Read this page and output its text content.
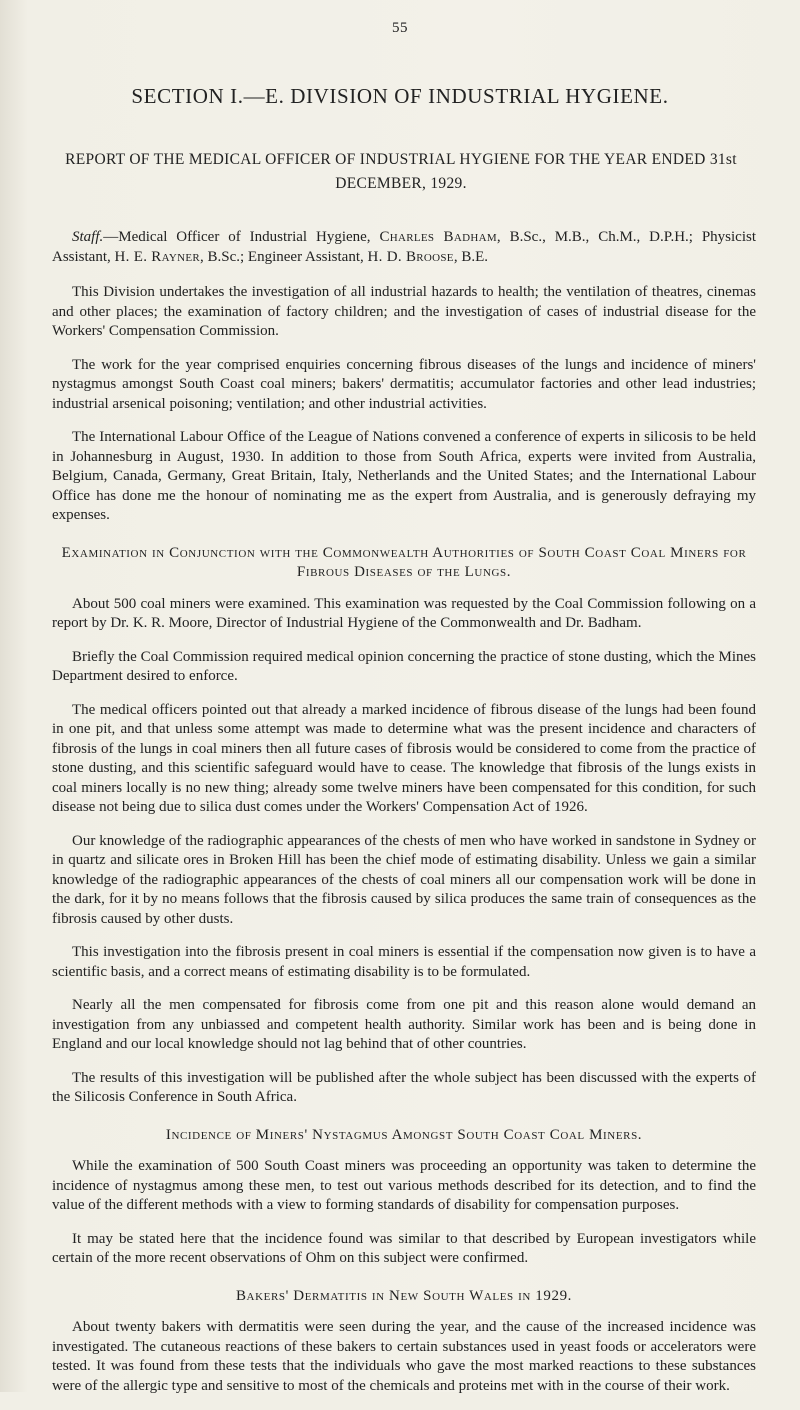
55
SECTION I.—E. DIVISION OF INDUSTRIAL HYGIENE.
REPORT OF THE MEDICAL OFFICER OF INDUSTRIAL HYGIENE FOR THE YEAR ENDED 31st DECEMBER, 1929.

Staff.—Medical Officer of Industrial Hygiene, Charles Badham, B.Sc., M.B., Ch.M., D.P.H.; Physicist Assistant, H. E. Rayner, B.Sc.; Engineer Assistant, H. D. Broose, B.E.

This Division undertakes the investigation of all industrial hazards to health; the ventilation of theatres, cinemas and other places; the examination of factory children; and the investigation of cases of industrial disease for the Workers' Compensation Commission.

The work for the year comprised enquiries concerning fibrous diseases of the lungs and incidence of miners' nystagmus amongst South Coast coal miners; bakers' dermatitis; accumulator factories and other lead industries; industrial arsenical poisoning; ventilation; and other industrial activities.

The International Labour Office of the League of Nations convened a conference of experts in silicosis to be held in Johannesburg in August, 1930. In addition to those from South Africa, experts were invited from Australia, Belgium, Canada, Germany, Great Britain, Italy, Netherlands and the United States; and the International Labour Office has done me the honour of nominating me as the expert from Australia, and is generously defraying my expenses.

Examination in Conjunction with the Commonwealth Authorities of South Coast Coal Miners for Fibrous Diseases of the Lungs.

About 500 coal miners were examined. This examination was requested by the Coal Commission following on a report by Dr. K. R. Moore, Director of Industrial Hygiene of the Commonwealth and Dr. Badham.

Briefly the Coal Commission required medical opinion concerning the practice of stone dusting, which the Mines Department desired to enforce.

The medical officers pointed out that already a marked incidence of fibrous disease of the lungs had been found in one pit, and that unless some attempt was made to determine what was the present incidence and characters of fibrosis of the lungs in coal miners then all future cases of fibrosis would be considered to come from the practice of stone dusting, and this scientific safeguard would have to cease. The knowledge that fibrosis of the lungs exists in coal miners locally is no new thing; already some twelve miners have been compensated for this condition, for such disease not being due to silica dust comes under the Workers' Compensation Act of 1926.

Our knowledge of the radiographic appearances of the chests of men who have worked in sandstone in Sydney or in quartz and silicate ores in Broken Hill has been the chief mode of estimating disability. Unless we gain a similar knowledge of the radiographic appearances of the chests of coal miners all our compensation work will be done in the dark, for it by no means follows that the fibrosis caused by silica produces the same train of consequences as the fibrosis caused by other dusts.

This investigation into the fibrosis present in coal miners is essential if the compensation now given is to have a scientific basis, and a correct means of estimating disability is to be formulated.

Nearly all the men compensated for fibrosis come from one pit and this reason alone would demand an investigation from any unbiassed and competent health authority. Similar work has been and is being done in England and our local knowledge should not lag behind that of other countries.

The results of this investigation will be published after the whole subject has been discussed with the experts of the Silicosis Conference in South Africa.

Incidence of Miners' Nystagmus Amongst South Coast Coal Miners.

While the examination of 500 South Coast miners was proceeding an opportunity was taken to determine the incidence of nystagmus among these men, to test out various methods described for its detection, and to find the value of the different methods with a view to forming standards of disability for compensation purposes.

It may be stated here that the incidence found was similar to that described by European investigators while certain of the more recent observations of Ohm on this subject were confirmed.

Bakers' Dermatitis in New South Wales in 1929.

About twenty bakers with dermatitis were seen during the year, and the cause of the increased incidence was investigated. The cutaneous reactions of these bakers to certain substances used in yeast foods or accelerators were tested. It was found from these tests that the individuals who gave the most marked reactions to these substances were of the allergic type and sensitive to most of the chemicals and proteins met with in the course of their work.
